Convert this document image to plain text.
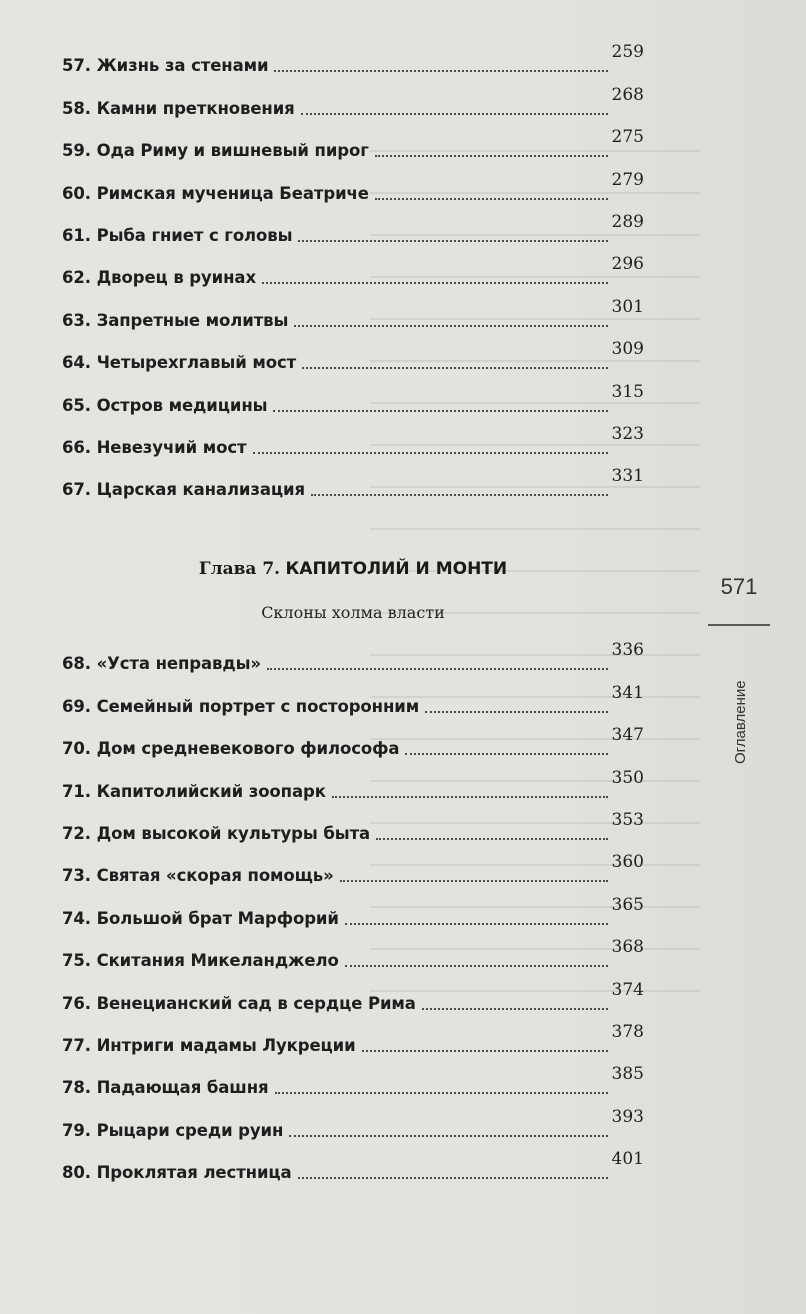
57. Жизнь за стенами
259
58. Камни преткновения
268
59. Ода Риму и вишневый пирог
275
60. Римская мученица Беатриче
279
61. Рыба гниет с головы
289
62. Дворец в руинах
296
63. Запретные молитвы
301
64. Четырехглавый мост
309
65. Остров медицины
315
66. Невезучий мост
323
67. Царская канализация
331
Глава 7. КАПИТОЛИЙ И МОНТИ
Склоны холма власти
68. «Уста неправды»
336
69. Семейный портрет с посторонним
341
70. Дом средневекового философа
347
71. Капитолийский зоопарк
350
72. Дом высокой культуры быта
353
73. Святая «скорая помощь»
360
74. Большой брат Марфорий
365
75. Скитания Микеланджело
368
76. Венецианский сад в сердце Рима
374
77. Интриги мадамы Лукреции
378
78. Падающая башня
385
79. Рыцари среди руин
393
80. Проклятая лестница
401
571
Оглавление
